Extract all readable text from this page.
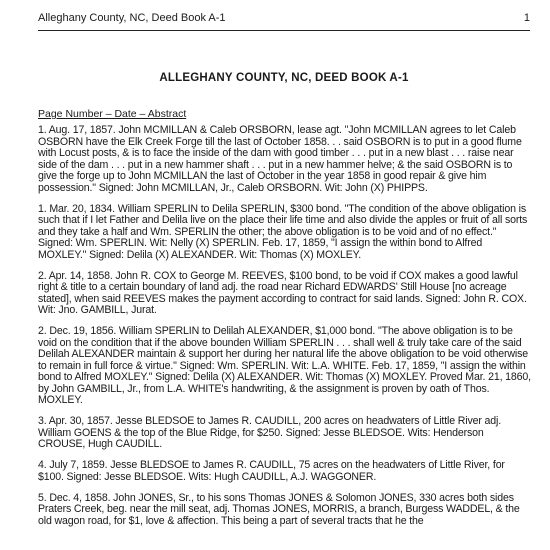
Alleghany County, NC, Deed Book A-1	1
ALLEGHANY COUNTY, NC, DEED BOOK A-1
Page Number – Date – Abstract

1. Aug. 17, 1857. John MCMILLAN & Caleb ORSBORN, lease agt. "John MCMILLAN agrees to let Caleb OSBORN have the Elk Creek Forge till the last of October 1858. . . said OSBORN is to put in a good flume with Locust posts, & is to face the inside of the dam with good timber . . . put in a new blast . . . raise near side of the dam . . . put in a new hammer shaft . . . put in a new hammer helve; & the said OSBORN is to give the forge up to John MCMILLAN the last of October in the year 1858 in good repair & give him possession." Signed: John MCMILLAN, Jr., Caleb ORSBORN. Wit: John (X) PHIPPS.

1. Mar. 20, 1834. William SPERLIN to Delila SPERLIN, $300 bond. "The condition of the above obligation is such that if I let Father and Delila live on the place their life time and also divide the apples or fruit of all sorts and they take a half and Wm. SPERLIN the other; the above obligation is to be void and of no effect." Signed: Wm. SPERLIN. Wit: Nelly (X) SPERLIN. Feb. 17, 1859, "I assign the within bond to Alfred MOXLEY." Signed: Delila (X) ALEXANDER. Wit: Thomas (X) MOXLEY.

2. Apr. 14, 1858. John R. COX to George M. REEVES, $100 bond, to be void if COX makes a good lawful right & title to a certain boundary of land adj. the road near Richard EDWARDS' Still House [no acreage stated], when said REEVES makes the payment according to contract for said lands. Signed: John R. COX. Wit: Jno. GAMBILL, Jurat.

2. Dec. 19, 1856. William SPERLIN to Delilah ALEXANDER, $1,000 bond. "The above obligation is to be void on the condition that if the above bounden William SPERLIN . . . shall well & truly take care of the said Delilah ALEXANDER maintain & support her during her natural life the above obligation to be void otherwise to remain in full force & virtue." Signed: Wm. SPERLIN. Wit: L.A. WHITE. Feb. 17, 1859, "I assign the within bond to Alfred MOXLEY." Signed: Delila (X) ALEXANDER. Wit: Thomas (X) MOXLEY. Proved Mar. 21, 1860, by John GAMBILL, Jr., from L.A. WHITE's handwriting, & the assignment is proven by oath of Thos. MOXLEY.

3. Apr. 30, 1857. Jesse BLEDSOE to James R. CAUDILL, 200 acres on headwaters of Little River adj. William GOENS & the top of the Blue Ridge, for $250. Signed: Jesse BLEDSOE. Wits: Henderson CROUSE, Hugh CAUDILL.

4. July 7, 1859. Jesse BLEDSOE to James R. CAUDILL, 75 acres on the headwaters of Little River, for $100. Signed: Jesse BLEDSOE. Wits: Hugh CAUDILL, A.J. WAGGONER.

5. Dec. 4, 1858. John JONES, Sr., to his sons Thomas JONES & Solomon JONES, 330 acres both sides Praters Creek, beg. near the mill seat, adj. Thomas JONES, MORRIS, a branch, Burgess WADDEL, & the old wagon road, for $1, love & affection. This being a part of several tracts that he the
